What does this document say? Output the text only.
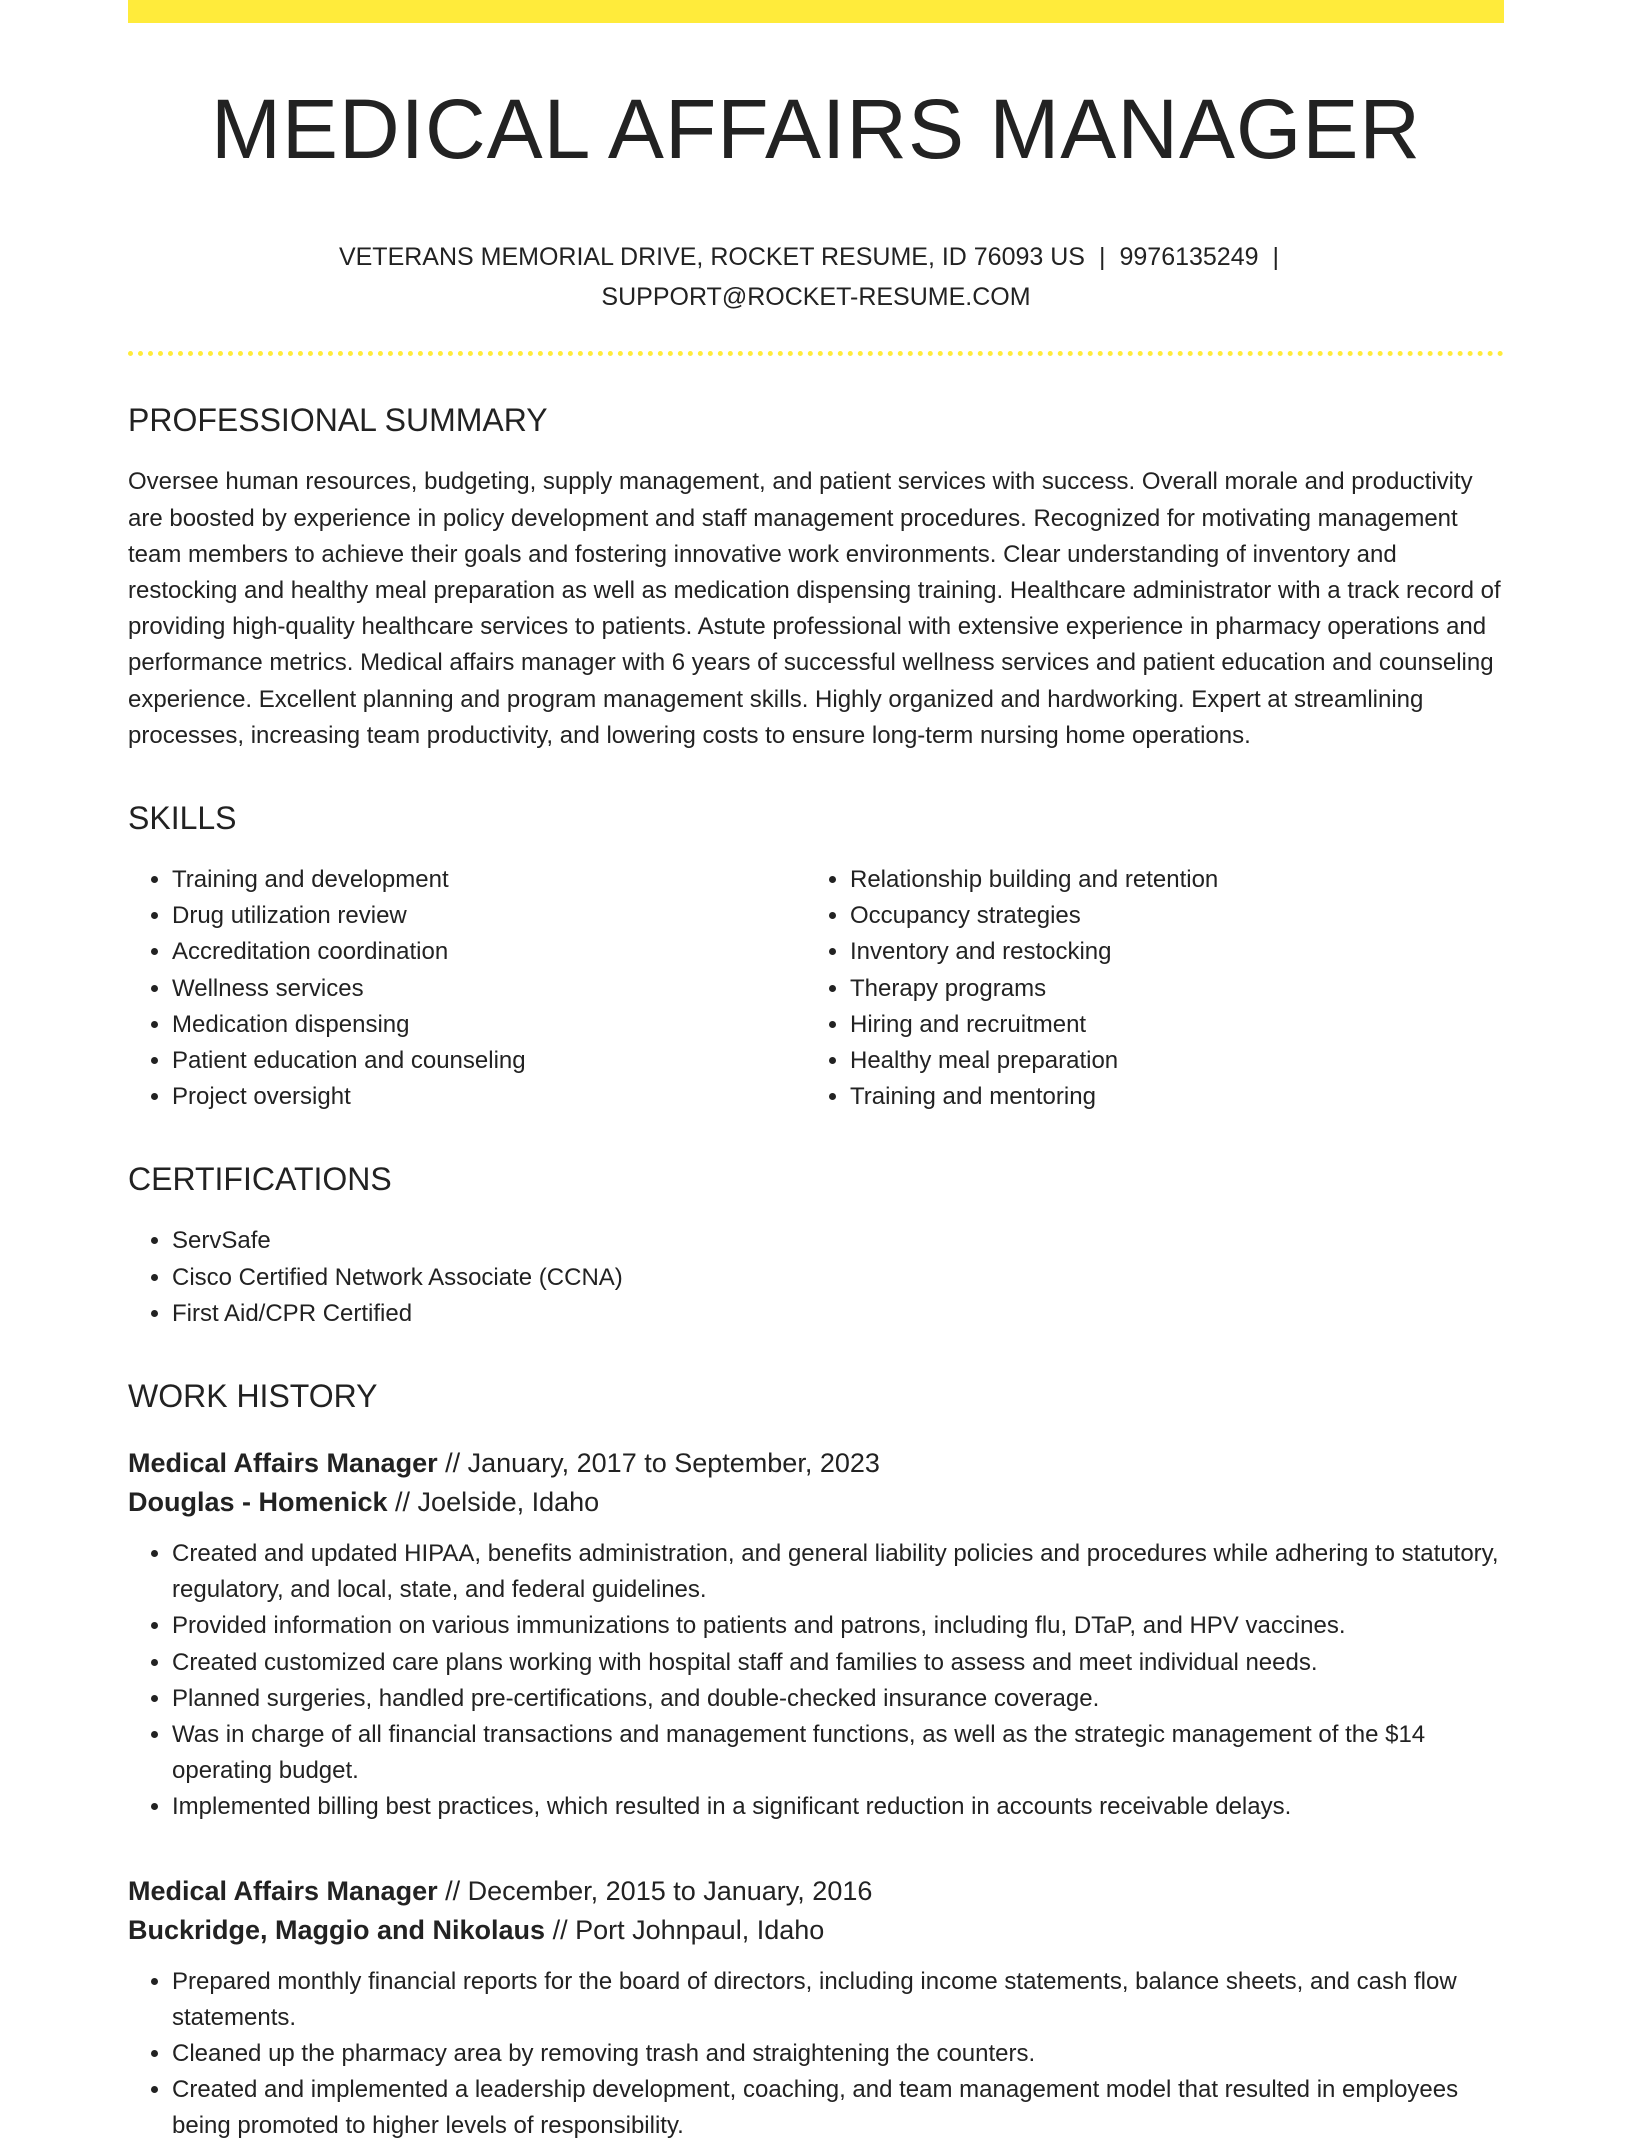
MEDICAL AFFAIRS MANAGER
VETERANS MEMORIAL DRIVE, ROCKET RESUME, ID 76093 US | 9976135249 |
SUPPORT@ROCKET-RESUME.COM
PROFESSIONAL SUMMARY

Oversee human resources, budgeting, supply management, and patient services with success. Overall morale and productivity are boosted by experience in policy development and staff management procedures. Recognized for motivating management team members to achieve their goals and fostering innovative work environments. Clear understanding of inventory and restocking and healthy meal preparation as well as medication dispensing training. Healthcare administrator with a track record of providing high-quality healthcare services to patients. Astute professional with extensive experience in pharmacy operations and performance metrics. Medical affairs manager with 6 years of successful wellness services and patient education and counseling experience. Excellent planning and program management skills. Highly organized and hardworking. Expert at streamlining processes, increasing team productivity, and lowering costs to ensure long-term nursing home operations.

SKILLS
• Training and development
• Drug utilization review
• Accreditation coordination
• Wellness services
• Medication dispensing
• Patient education and counseling
• Project oversight
• Relationship building and retention
• Occupancy strategies
• Inventory and restocking
• Therapy programs
• Hiring and recruitment
• Healthy meal preparation
• Training and mentoring
CERTIFICATIONS
• ServSafe
• Cisco Certified Network Associate (CCNA)
• First Aid/CPR Certified
WORK HISTORY
Medical Affairs Manager // January, 2017 to September, 2023
Douglas - Homenick // Joelside, Idaho
• Created and updated HIPAA, benefits administration, and general liability policies and procedures while adhering to statutory, regulatory, and local, state, and federal guidelines.
• Provided information on various immunizations to patients and patrons, including flu, DTaP, and HPV vaccines.
• Created customized care plans working with hospital staff and families to assess and meet individual needs.
• Planned surgeries, handled pre-certifications, and double-checked insurance coverage.
• Was in charge of all financial transactions and management functions, as well as the strategic management of the $14 operating budget.
• Implemented billing best practices, which resulted in a significant reduction in accounts receivable delays.
Medical Affairs Manager // December, 2015 to January, 2016
Buckridge, Maggio and Nikolaus // Port Johnpaul, Idaho
• Prepared monthly financial reports for the board of directors, including income statements, balance sheets, and cash flow statements.
• Cleaned up the pharmacy area by removing trash and straightening the counters.
• Created and implemented a leadership development, coaching, and team management model that resulted in employees being promoted to higher levels of responsibility.
